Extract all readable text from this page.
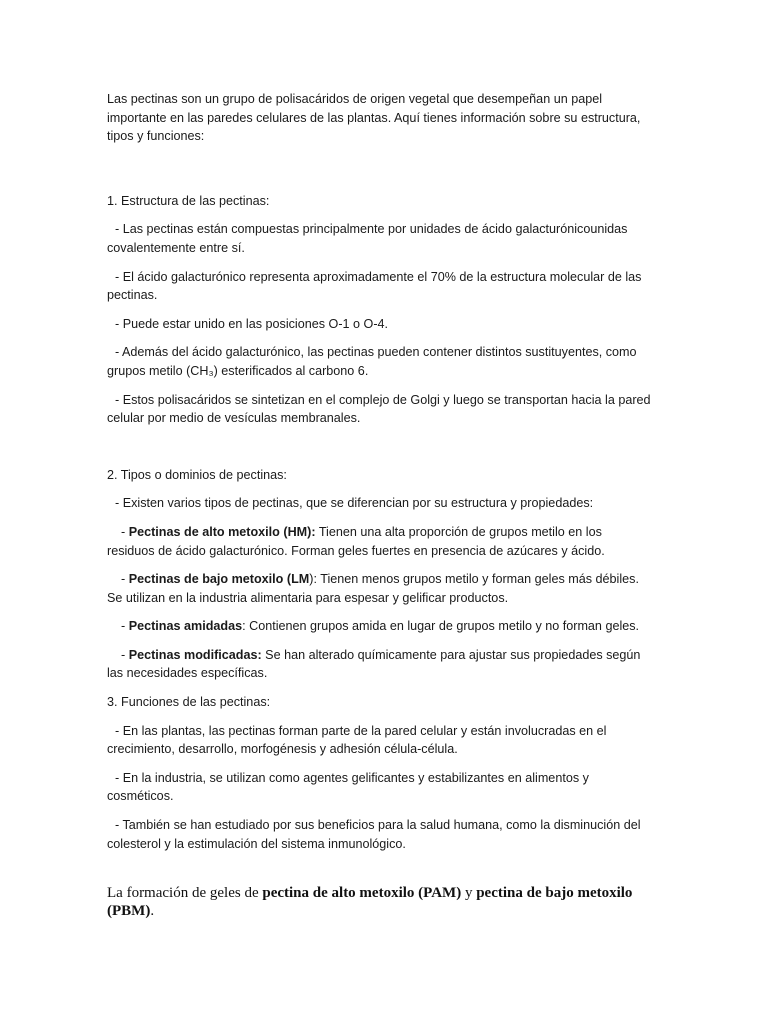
Las pectinas son un grupo de polisacáridos de origen vegetal que desempeñan un papel importante en las paredes celulares de las plantas. Aquí tienes información sobre su estructura, tipos y funciones:

1. Estructura de las pectinas:

- Las pectinas están compuestas principalmente por unidades de ácido galacturónicounidas covalentemente entre sí.

- El ácido galacturónico representa aproximadamente el 70% de la estructura molecular de las pectinas.

- Puede estar unido en las posiciones O-1 o O-4.

- Además del ácido galacturónico, las pectinas pueden contener distintos sustituyentes, como grupos metilo (CH₃) esterificados al carbono 6.

- Estos polisacáridos se sintetizan en el complejo de Golgi y luego se transportan hacia la pared celular por medio de vesículas membranales.

2. Tipos o dominios de pectinas:

- Existen varios tipos de pectinas, que se diferencian por su estructura y propiedades:

- Pectinas de alto metoxilo (HM): Tienen una alta proporción de grupos metilo en los residuos de ácido galacturónico. Forman geles fuertes en presencia de azúcares y ácido.

- Pectinas de bajo metoxilo (LM): Tienen menos grupos metilo y forman geles más débiles. Se utilizan en la industria alimentaria para espesar y gelificar productos.

- Pectinas amidadas: Contienen grupos amida en lugar de grupos metilo y no forman geles.

- Pectinas modificadas: Se han alterado químicamente para ajustar sus propiedades según las necesidades específicas.

3. Funciones de las pectinas:

- En las plantas, las pectinas forman parte de la pared celular y están involucradas en el crecimiento, desarrollo, morfogénesis y adhesión célula-célula.

- En la industria, se utilizan como agentes gelificantes y estabilizantes en alimentos y cosméticos.

- También se han estudiado por sus beneficios para la salud humana, como la disminución del colesterol y la estimulación del sistema inmunológico.

La formación de geles de pectina de alto metoxilo (PAM) y pectina de bajo metoxilo (PBM).
